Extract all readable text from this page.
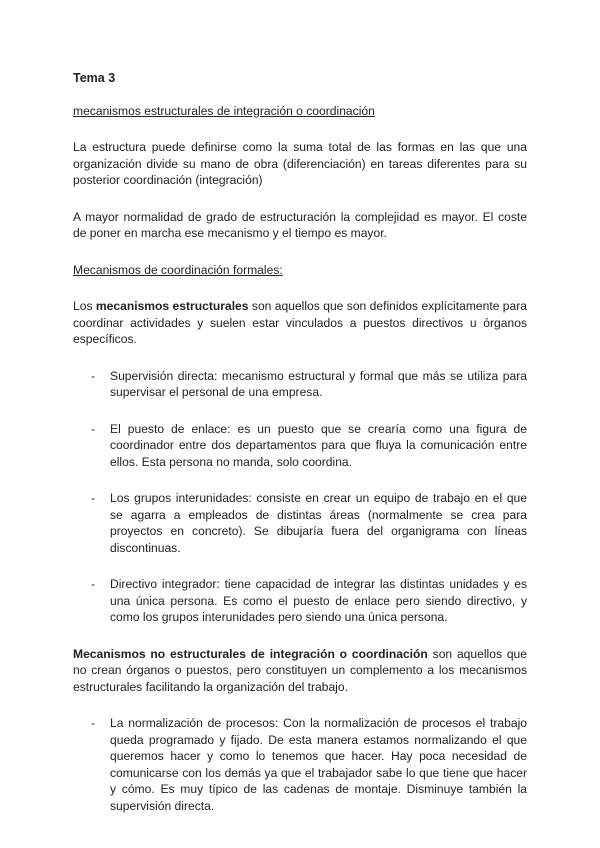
Tema 3

mecanismos estructurales de integración o coordinación

La estructura puede definirse como la suma total de las formas en las que una organización divide su mano de obra (diferenciación) en tareas diferentes para su posterior coordinación (integración)

A mayor normalidad de grado de estructuración la complejidad es mayor. El coste de poner en marcha ese mecanismo y el tiempo es mayor.

Mecanismos de coordinación formales:

Los mecanismos estructurales son aquellos que son definidos explícitamente para coordinar actividades y suelen estar vinculados a puestos directivos u órganos específicos.

- Supervisión directa: mecanismo estructural y formal que más se utiliza para supervisar el personal de una empresa.
- El puesto de enlace: es un puesto que se crearía como una figura de coordinador entre dos departamentos para que fluya la comunicación entre ellos. Esta persona no manda, solo coordina.
- Los grupos interunidades: consiste en crear un equipo de trabajo en el que se agarra a empleados de distintas áreas (normalmente se crea para proyectos en concreto). Se dibujaría fuera del organigrama con líneas discontinuas.
- Directivo integrador: tiene capacidad de integrar las distintas unidades y es una única persona. Es como el puesto de enlace pero siendo directivo, y como los grupos interunidades pero siendo una única persona.

Mecanismos no estructurales de integración o coordinación son aquellos que no crean órganos o puestos, pero constituyen un complemento a los mecanismos estructurales facilitando la organización del trabajo.

- La normalización de procesos: Con la normalización de procesos el trabajo queda programado y fijado. De esta manera estamos normalizando el que queremos hacer y como lo tenemos que hacer. Hay poca necesidad de comunicarse con los demás ya que el trabajador sabe lo que tiene que hacer y cómo. Es muy típico de las cadenas de montaje. Disminuye también la supervisión directa.
